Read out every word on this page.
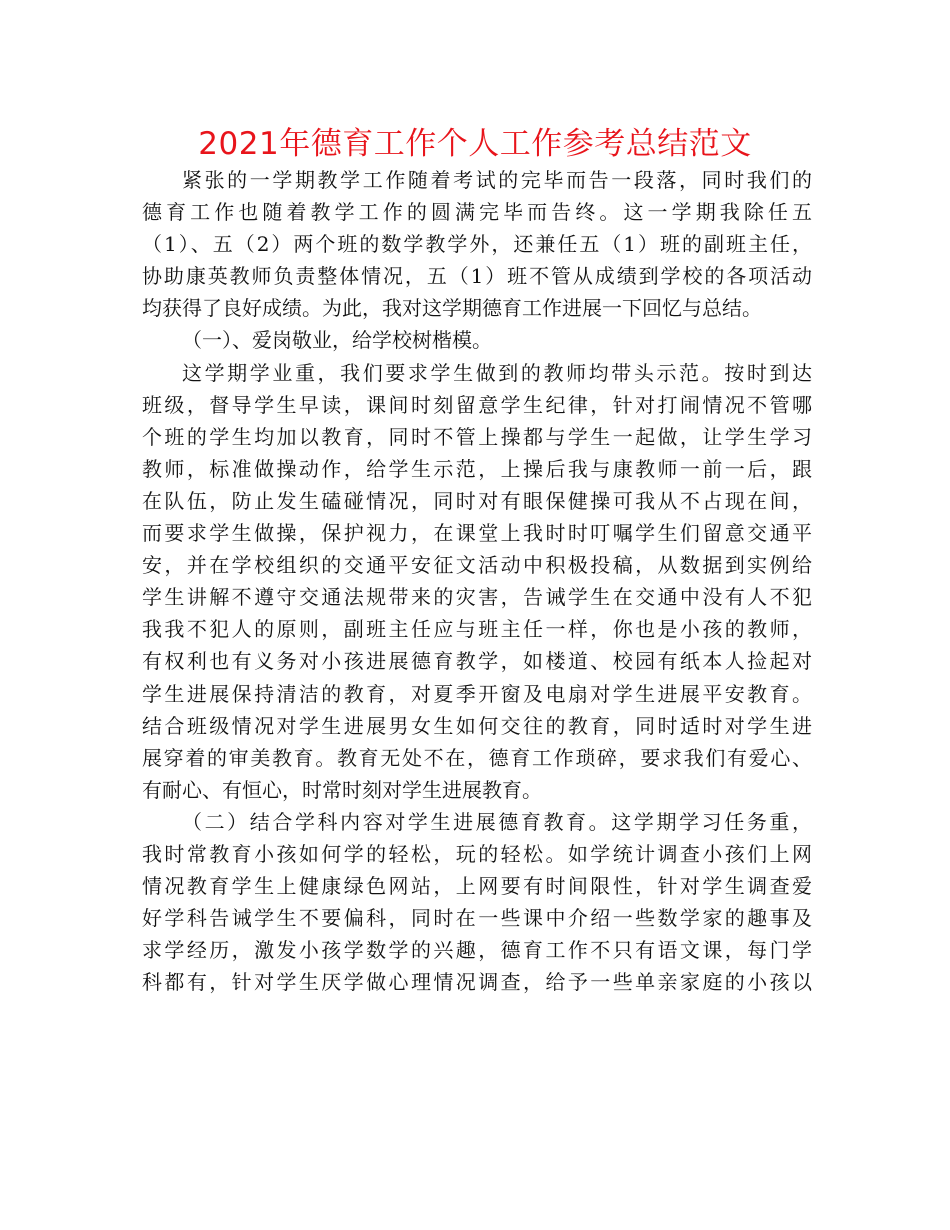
2021年德育工作个人工作参考总结范文
紧张的一学期教学工作随着考试的完毕而告一段落，同时我们的
德育工作也随着教学工作的圆满完毕而告终。这一学期我除任五
（1）、五（2）两个班的数学教学外，还兼任五（1）班的副班主任，
协助康英教师负责整体情况，五（1）班不管从成绩到学校的各项活动
均获得了良好成绩。为此，我对这学期德育工作进展一下回忆与总结。
（一）、爱岗敬业，给学校树楷模。
这学期学业重，我们要求学生做到的教师均带头示范。按时到达
班级，督导学生早读，课间时刻留意学生纪律，针对打闹情况不管哪
个班的学生均加以教育，同时不管上操都与学生一起做，让学生学习
教师，标准做操动作，给学生示范，上操后我与康教师一前一后，跟
在队伍，防止发生磕碰情况，同时对有眼保健操可我从不占现在间，
而要求学生做操，保护视力，在课堂上我时时叮嘱学生们留意交通平
安，并在学校组织的交通平安征文活动中积极投稿，从数据到实例给
学生讲解不遵守交通法规带来的灾害，告诫学生在交通中没有人不犯
我我不犯人的原则，副班主任应与班主任一样，你也是小孩的教师，
有权利也有义务对小孩进展德育教学，如楼道、校园有纸本人捡起对
学生进展保持清洁的教育，对夏季开窗及电扇对学生进展平安教育。
结合班级情况对学生进展男女生如何交往的教育，同时适时对学生进
展穿着的审美教育。教育无处不在，德育工作琐碎，要求我们有爱心、
有耐心、有恒心，时常时刻对学生进展教育。
（二）结合学科内容对学生进展德育教育。这学期学习任务重，
我时常教育小孩如何学的轻松，玩的轻松。如学统计调查小孩们上网
情况教育学生上健康绿色网站，上网要有时间限性，针对学生调查爱
好学科告诫学生不要偏科，同时在一些课中介绍一些数学家的趣事及
求学经历，激发小孩学数学的兴趣，德育工作不只有语文课，每门学
科都有，针对学生厌学做心理情况调查，给予一些单亲家庭的小孩以
